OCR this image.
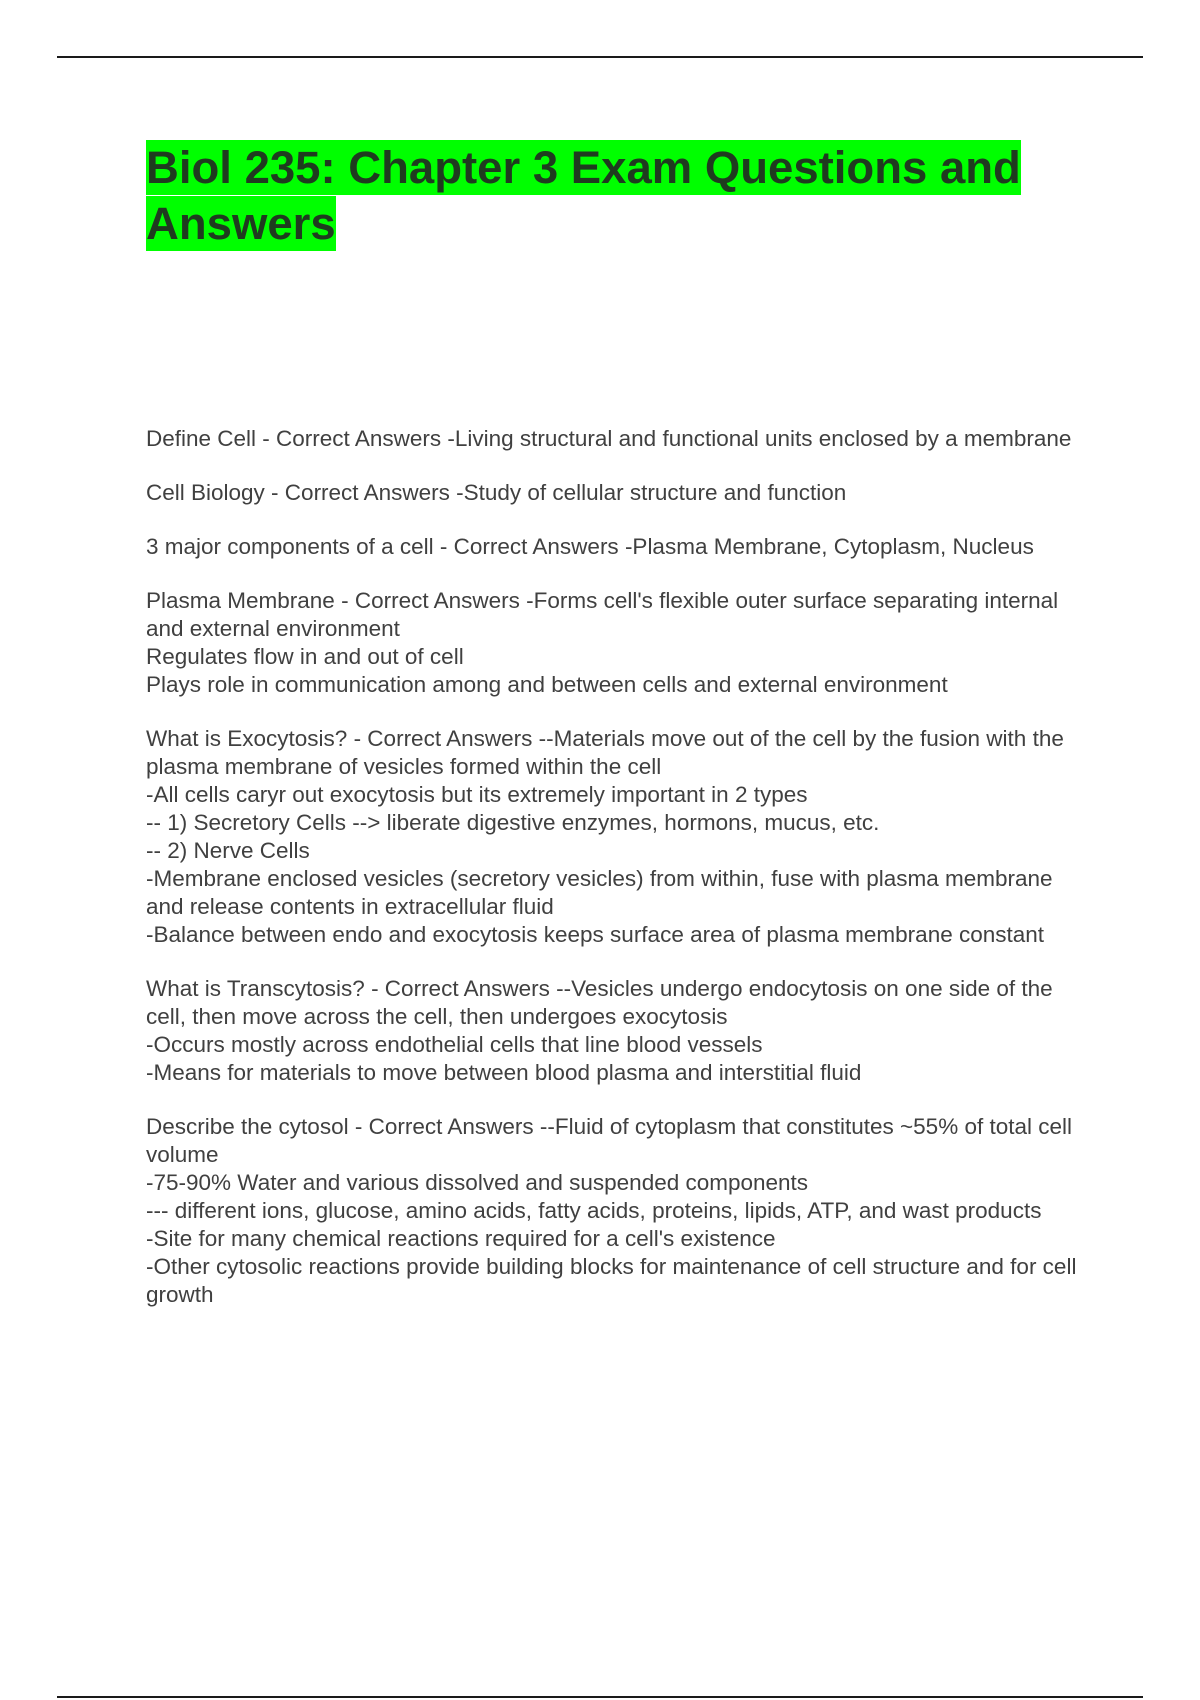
Biol 235: Chapter 3 Exam Questions and Answers

Define Cell - Correct Answers -Living structural and functional units enclosed by a membrane

Cell Biology - Correct Answers -Study of cellular structure and function

3 major components of a cell - Correct Answers -Plasma Membrane, Cytoplasm, Nucleus

Plasma Membrane - Correct Answers -Forms cell's flexible outer surface separating internal and external environment

Regulates flow in and out of cell

Plays role in communication among and between cells and external environment

What is Exocytosis? - Correct Answers --Materials move out of the cell by the fusion with the plasma membrane of vesicles formed within the cell

-All cells caryr out exocytosis but its extremely important in 2 types

-- 1) Secretory Cells --> liberate digestive enzymes, hormons, mucus, etc.

-- 2) Nerve Cells

-Membrane enclosed vesicles (secretory vesicles) from within, fuse with plasma membrane and release contents in extracellular fluid

-Balance between endo and exocytosis keeps surface area of plasma membrane constant

What is Transcytosis? - Correct Answers --Vesicles undergo endocytosis on one side of the cell, then move across the cell, then undergoes exocytosis

-Occurs mostly across endothelial cells that line blood vessels

-Means for materials to move between blood plasma and interstitial fluid

Describe the cytosol - Correct Answers --Fluid of cytoplasm that constitutes ~55% of total cell volume

-75-90% Water and various dissolved and suspended components

--- different ions, glucose, amino acids, fatty acids, proteins, lipids, ATP, and wast products

-Site for many chemical reactions required for a cell's existence

-Other cytosolic reactions provide building blocks for maintenance of cell structure and for cell growth
